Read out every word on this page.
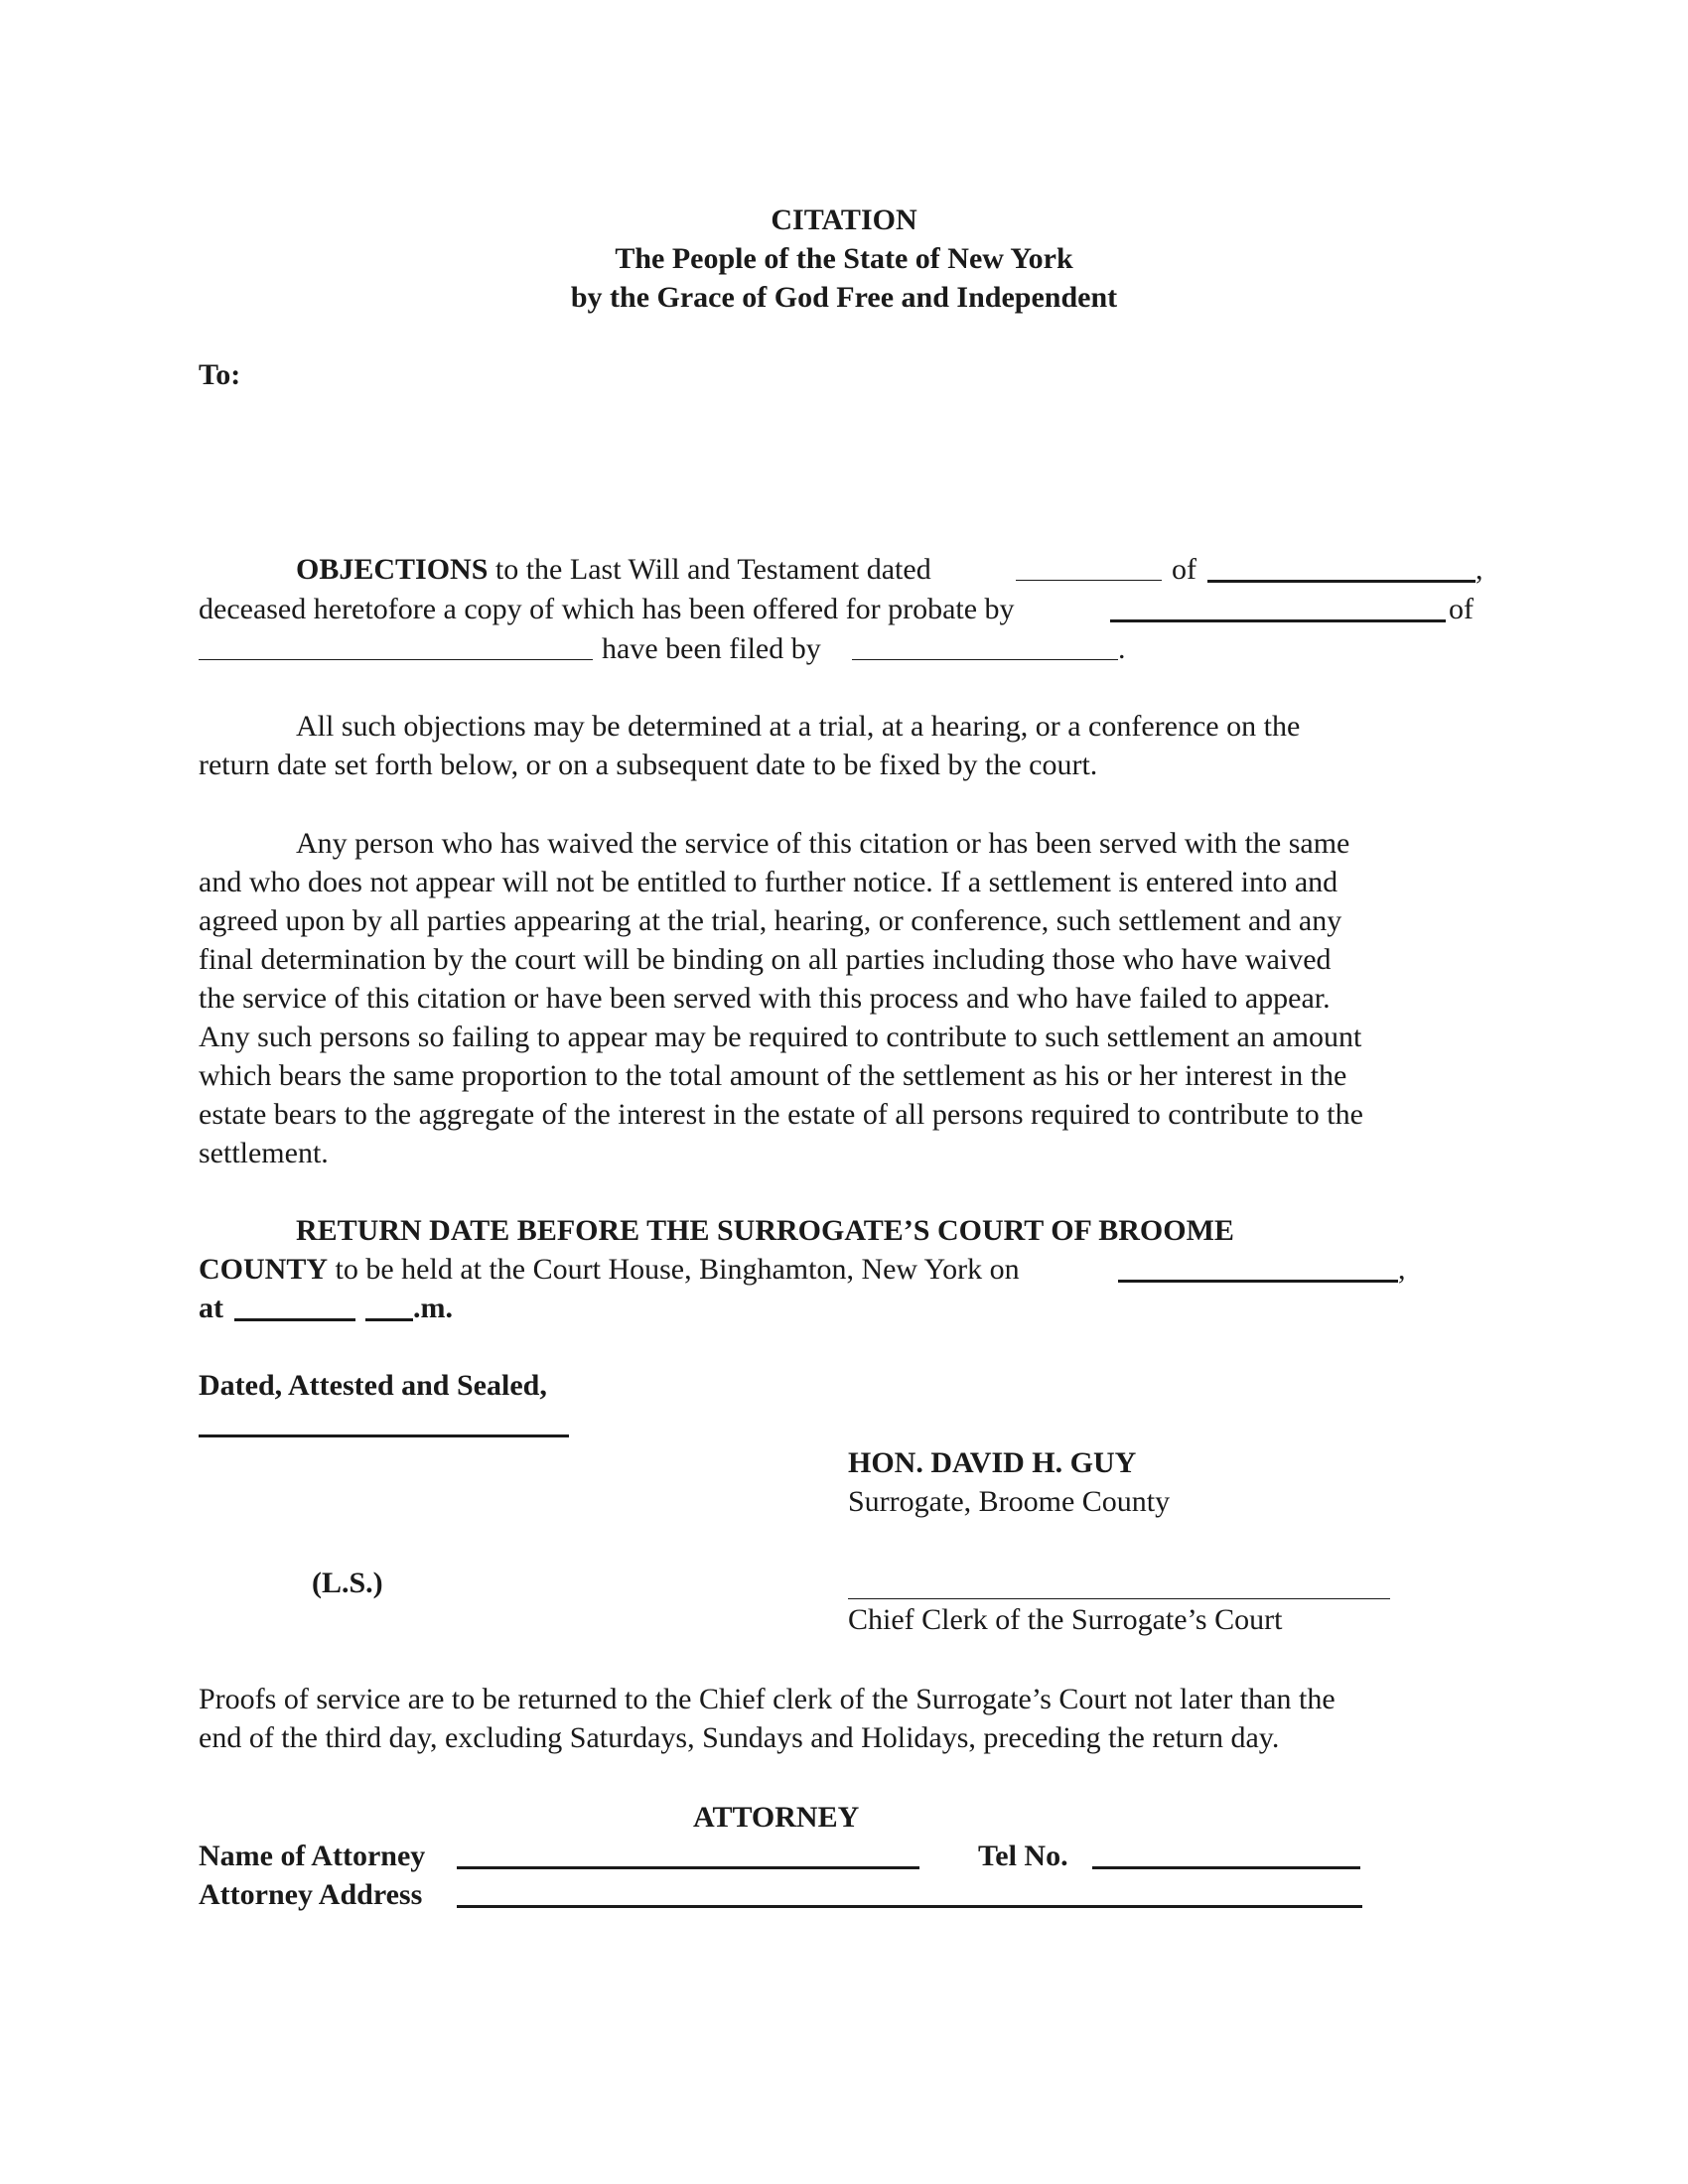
CITATION
The People of the State of New York
by the Grace of God Free and Independent
To:
OBJECTIONS to the Last Will and Testament dated	of	,
deceased heretofore a copy of which has been offered for probate by	of
have been filed by	.
All such objections may be determined at a trial, at a hearing, or a conference on the
return date set forth below, or on a subsequent date to be fixed by the court.
Any person who has waived the service of this citation or has been served with the same
and who does not appear will not be entitled to further notice. If a settlement is entered into and
agreed upon by all parties appearing at the trial, hearing, or conference, such settlement and any
final determination by the court will be binding on all parties including those who have waived
the service of this citation or have been served with this process and who have failed to appear.
Any such persons so failing to appear may be required to contribute to such settlement an amount
which bears the same proportion to the total amount of the settlement as his or her interest in the
estate bears to the aggregate of the interest in the estate of all persons required to contribute to the
settlement.
RETURN DATE BEFORE THE SURROGATE’S COURT OF BROOME
COUNTY to be held at the Court House, Binghamton, New York on	,
at	.m.
Dated, Attested and Sealed,
HON. DAVID H. GUY
Surrogate, Broome County
(L.S.)
Chief Clerk of the Surrogate’s Court
Proofs of service are to be returned to the Chief clerk of the Surrogate’s Court not later than the
end of the third day, excluding Saturdays, Sundays and Holidays, preceding the return day.
ATTORNEY
Name of Attorney	Tel No.
Attorney Address
